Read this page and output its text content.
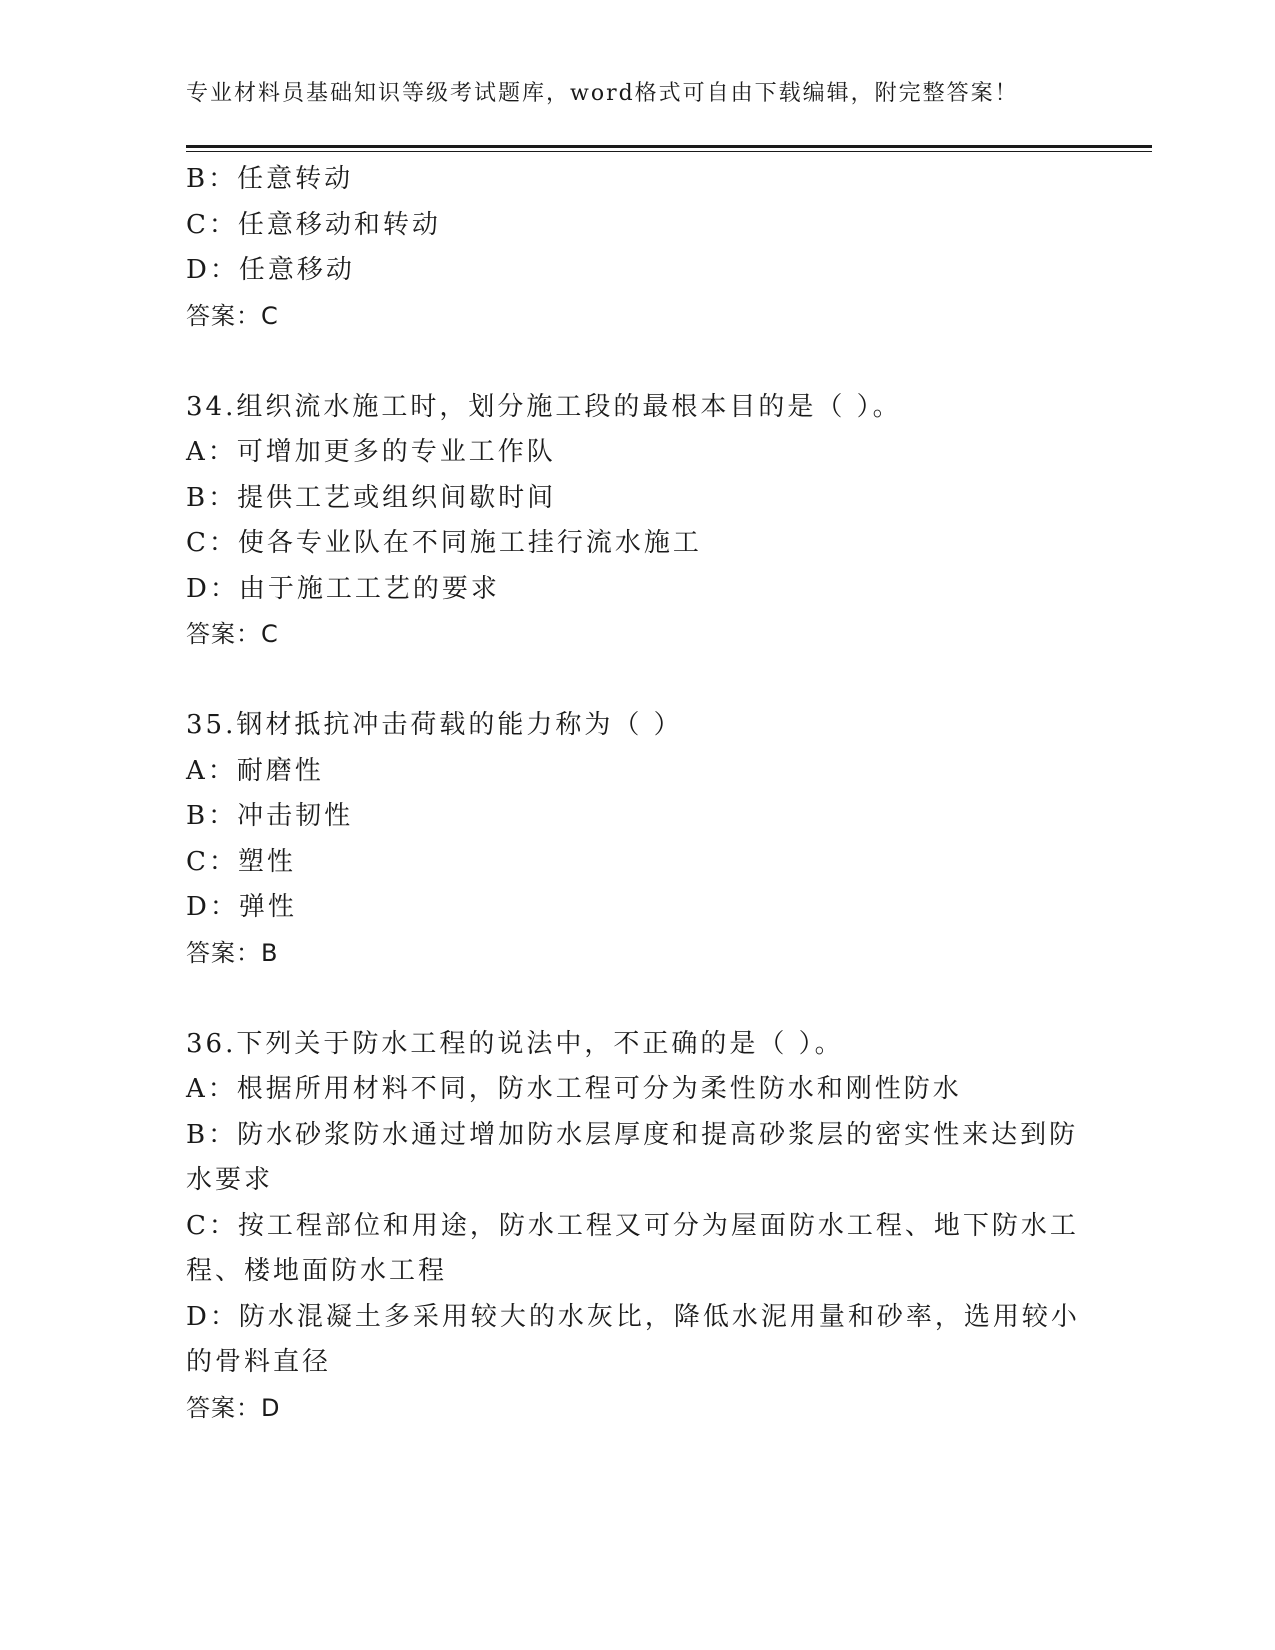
专业材料员基础知识等级考试题库，word格式可自由下载编辑，附完整答案！
B：任意转动
C：任意移动和转动
D：任意移动
答案：C
34.组织流水施工时，划分施工段的最根本目的是（ ）。
A：可增加更多的专业工作队
B：提供工艺或组织间歇时间
C：使各专业队在不同施工挂行流水施工
D：由于施工工艺的要求
答案：C
35.钢材抵抗冲击荷载的能力称为（ ）
A：耐磨性
B：冲击韧性
C：塑性
D：弹性
答案：B
36.下列关于防水工程的说法中，不正确的是（ ）。
A：根据所用材料不同，防水工程可分为柔性防水和刚性防水
B：防水砂浆防水通过增加防水层厚度和提高砂浆层的密实性来达到防
水要求
C：按工程部位和用途，防水工程又可分为屋面防水工程、地下防水工
程、楼地面防水工程
D：防水混凝土多采用较大的水灰比，降低水泥用量和砂率，选用较小
的骨料直径
答案：D
